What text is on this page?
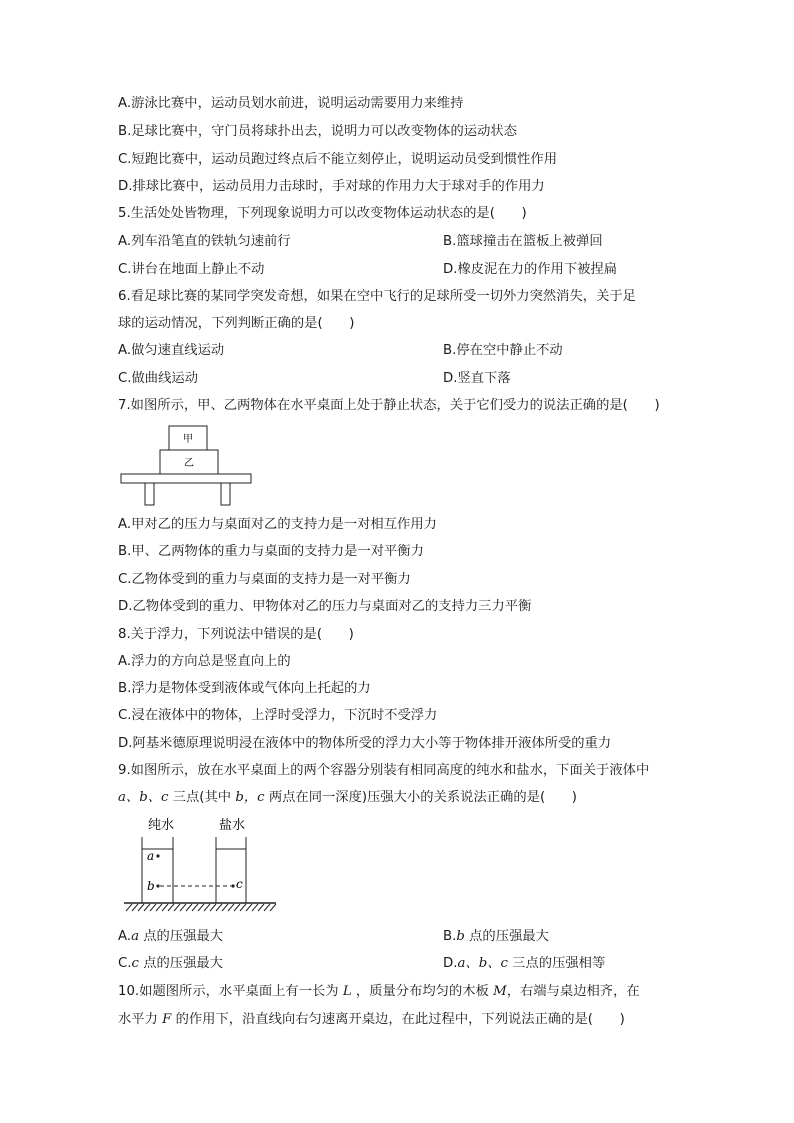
A.游泳比赛中，运动员划水前进，说明运动需要用力来维持
B.足球比赛中，守门员将球扑出去，说明力可以改变物体的运动状态
C.短跑比赛中，运动员跑过终点后不能立刻停止，说明运动员受到惯性作用
D.排球比赛中，运动员用力击球时，手对球的作用力大于球对手的作用力
5.生活处处皆物理，下列现象说明力可以改变物体运动状态的是(　　)
A.列车沿笔直的铁轨匀速前行	B.篮球撞击在篮板上被弹回
C.讲台在地面上静止不动	D.橡皮泥在力的作用下被捏扁
6.看足球比赛的某同学突发奇想，如果在空中飞行的足球所受一切外力突然消失，关于足
球的运动情况，下列判断正确的是(　　)
A.做匀速直线运动	B.停在空中静止不动
C.做曲线运动	D.竖直下落
7.如图所示，甲、乙两物体在水平桌面上处于静止状态，关于它们受力的说法正确的是(　　)
甲
乙
A.甲对乙的压力与桌面对乙的支持力是一对相互作用力
B.甲、乙两物体的重力与桌面的支持力是一对平衡力
C.乙物体受到的重力与桌面的支持力是一对平衡力
D.乙物体受到的重力、甲物体对乙的压力与桌面对乙的支持力三力平衡
8.关于浮力，下列说法中错误的是(　　)
A.浮力的方向总是竖直向上的
B.浮力是物体受到液体或气体向上托起的力
C.浸在液体中的物体，上浮时受浮力，下沉时不受浮力
D.阿基米德原理说明浸在液体中的物体所受的浮力大小等于物体排开液体所受的重力
9.如图所示，放在水平桌面上的两个容器分别装有相同高度的纯水和盐水，下面关于液体中
a、b、c 三点(其中 b，c 两点在同一深度)压强大小的关系说法正确的是(　　)
纯水	盐水
a
b	c
A.a 点的压强最大	B.b 点的压强最大
C.c 点的压强最大	D.a、b、c 三点的压强相等
10.如题图所示，水平桌面上有一长为 L ，质量分布均匀的木板 M，右端与桌边相齐，在
水平力 F 的作用下，沿直线向右匀速离开桌边，在此过程中，下列说法正确的是(　　)
